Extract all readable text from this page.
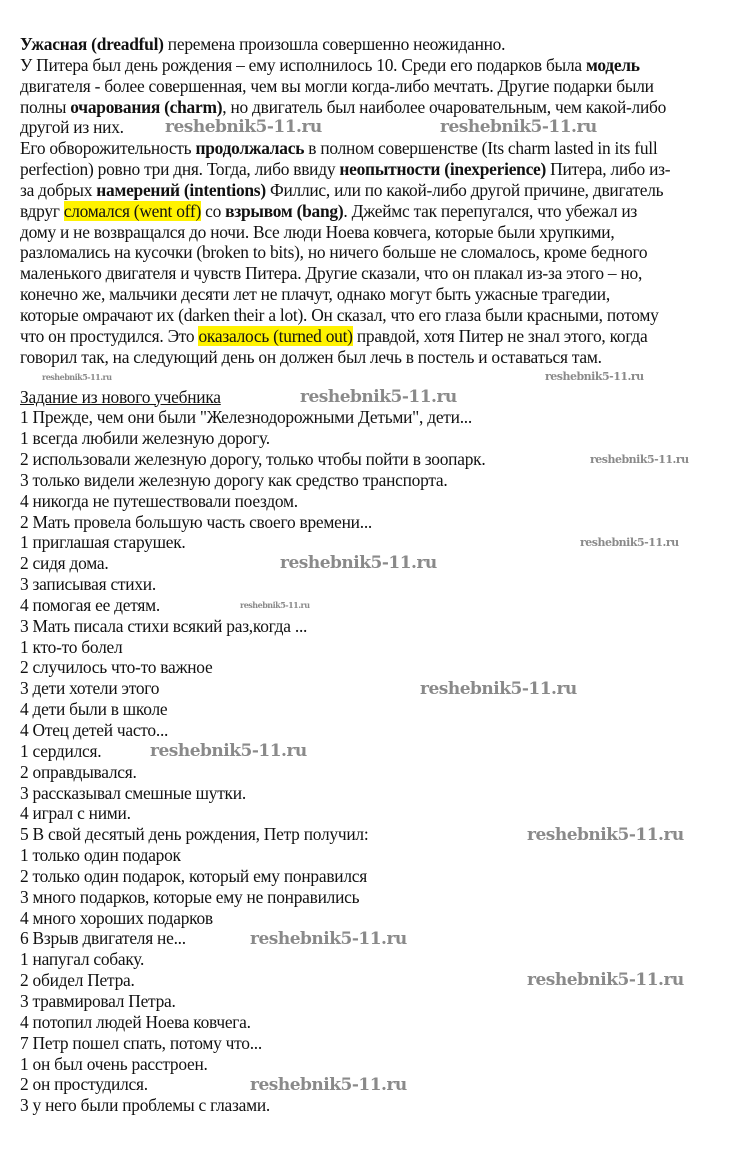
Ужасная (dreadful) перемена произошла совершенно неожиданно.
У Питера был день рождения – ему исполнилось 10. Среди его подарков была модель
двигателя - более совершенная, чем вы могли когда-либо мечтать. Другие подарки были
полны очарования (charm), но двигатель был наиболее очаровательным, чем какой-либо
другой из них.
Его обворожительность продолжалась в полном совершенстве (Its charm lasted in its full
perfection) ровно три дня. Тогда, либо ввиду неопытности (inexperience) Питера, либо из-
за добрых намерений (intentions) Филлис, или по какой-либо другой причине, двигатель
вдруг сломался (went off) со взрывом (bang). Джеймс так перепугался, что убежал из
дому и не возвращался до ночи. Все люди Ноева ковчега, которые были хрупкими,
разломались на кусочки (broken to bits), но ничего больше не сломалось, кроме бедного
маленького двигателя и чувств Питера. Другие сказали, что он плакал из-за этого – но,
конечно же, мальчики десяти лет не плачут, однако могут быть ужасные трагедии,
которые омрачают их (darken their a lot). Он сказал, что его глаза были красными, потому
что он простудился. Это оказалось (turned out) правдой, хотя Питер не знал этого, когда
говорил так, на следующий день он должен был лечь в постель и оставаться там.
Задание из нового учебника
1 Прежде, чем они были "Железнодорожными Детьми", дети...
1 всегда любили железную дорогу.
2 использовали железную дорогу, только чтобы пойти в зоопарк.
3 только видели железную дорогу как средство транспорта.
4 никогда не путешествовали поездом.
2 Мать провела большую часть своего времени...
1 приглашая старушек.
2 сидя дома.
3 записывая стихи.
4 помогая ее детям.
3 Мать писала стихи всякий раз,когда ...
1 кто-то болел
2 случилось что-то важное
3 дети хотели этого
4 дети были в школе
4 Отец детей часто...
1 сердился.
2 оправдывался.
3 рассказывал смешные шутки.
4 играл с ними.
5 В свой десятый день рождения, Петр получил:
1 только один подарок
2 только один подарок, который ему понравился
3 много подарков, которые ему не понравились
4 много хороших подарков
6 Взрыв двигателя не...
1 напугал собаку.
2 обидел Петра.
3 травмировал Петра.
4 потопил людей Ноева ковчега.
7 Петр пошел спать, потому что...
1 он был очень расстроен.
2 он простудился.
3 у него были проблемы с глазами.
reshebnik5-11.ru	reshebnik5-11.ru
reshebnik5-11.ru
reshebnik5-11.ru
reshebnik5-11.ru
reshebnik5-11.ru
reshebnik5-11.ru
reshebnik5-11.ru
reshebnik5-11.ru
reshebnik5-11.ru
reshebnik5-11.ru
reshebnik5-11.ru
reshebnik5-11.ru
reshebnik5-11.ru
reshebnik5-11.ru
